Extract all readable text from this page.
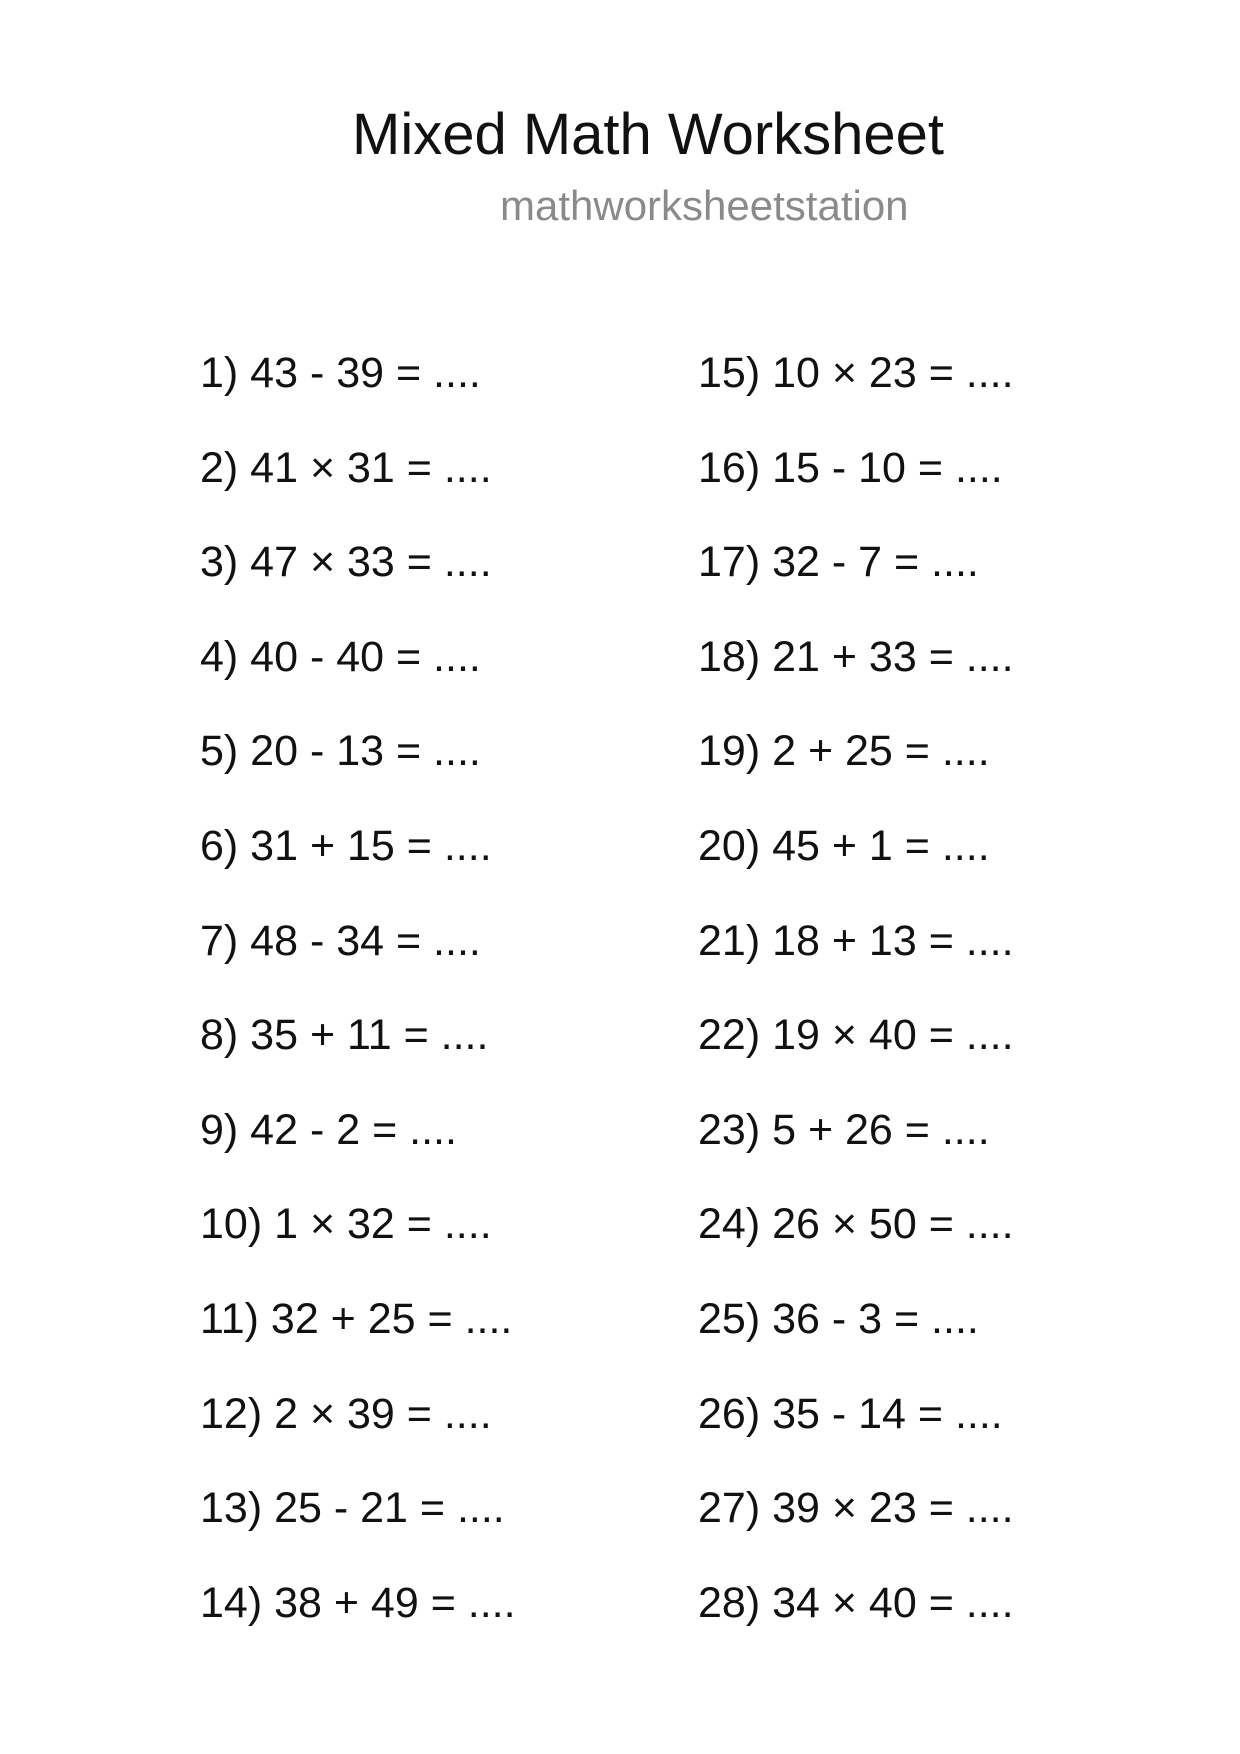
Mixed Math Worksheet
mathworksheetstation
1) 43 - 39 = ....
2) 41 × 31 = ....
3) 47 × 33 = ....
4) 40 - 40 = ....
5) 20 - 13 = ....
6) 31 + 15 = ....
7) 48 - 34 = ....
8) 35 + 11 = ....
9) 42 - 2 = ....
10) 1 × 32 = ....
11) 32 + 25 = ....
12) 2 × 39 = ....
13) 25 - 21 = ....
14) 38 + 49 = ....
15) 10 × 23 = ....
16) 15 - 10 = ....
17) 32 - 7 = ....
18) 21 + 33 = ....
19) 2 + 25 = ....
20) 45 + 1 = ....
21) 18 + 13 = ....
22) 19 × 40 = ....
23) 5 + 26 = ....
24) 26 × 50 = ....
25) 36 - 3 = ....
26) 35 - 14 = ....
27) 39 × 23 = ....
28) 34 × 40 = ....
